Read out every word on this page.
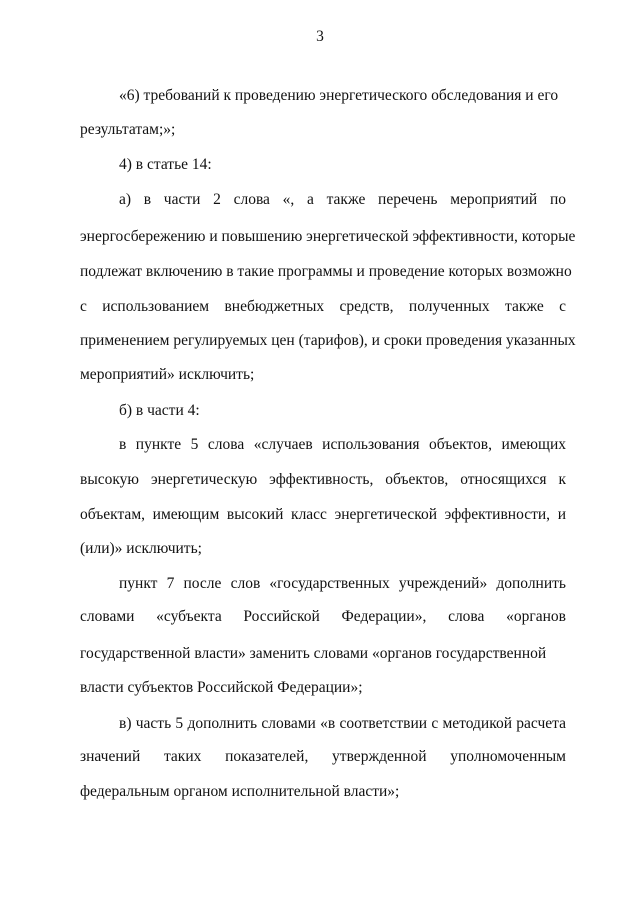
3
«6) требований к проведению энергетического обследования и его
результатам;»;
4) в статье 14:
а) в части 2 слова «, а также перечень мероприятий по
энергосбережению и повышению энергетической эффективности, которые
подлежат включению в такие программы и проведение которых возможно
с использованием внебюджетных средств, полученных также с
применением регулируемых цен (тарифов), и сроки проведения указанных
мероприятий» исключить;
б) в части 4:
в пункте 5 слова «случаев использования объектов, имеющих
высокую энергетическую эффективность, объектов, относящихся к
объектам, имеющим высокий класс энергетической эффективности, и
(или)» исключить;
пункт 7 после слов «государственных учреждений» дополнить
словами «субъекта Российской Федерации», слова «органов
государственной власти» заменить словами «органов государственной
власти субъектов Российской Федерации»;
в) часть 5 дополнить словами «в соответствии с методикой расчета
значений таких показателей, утвержденной уполномоченным
федеральным органом исполнительной власти»;
